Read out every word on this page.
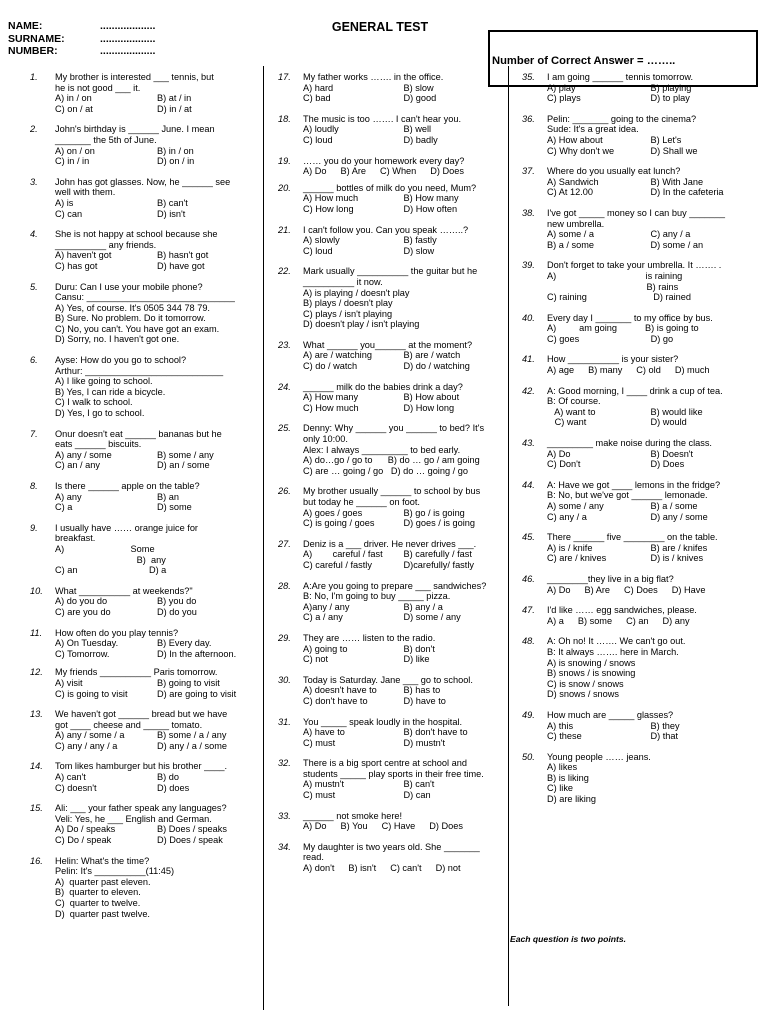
NAME:	...................
SURNAME:	...................
NUMBER:	...................
GENERAL TEST
Number of Correct Answer = ……..
1.	My brother is interested ___ tennis, but
he is not good ___ it.
A) in / on	B) at / in
C) on / at	D) in / at
2.	John's birthday is ______ June. I mean
_______ the 5th of June.
A) on / on	B) in / on
C) in / in	D) on / in
3.	John has got glasses. Now, he ______ see
well with them.
A) is	B) can't
C) can	D) isn't
4.	She is not happy at school because she
__________ any friends.
A) haven't got	B) hasn't got
C) has got	D) have got
5.	Duru: Can I use your mobile phone?
Cansu: _____________________________
A) Yes, of course. It's 0505 344 78 79.
B) Sure. No problem. Do it tomorrow.
C) No, you can't. You have got an exam.
D) Sorry, no. I haven't got one.
6.	Ayse: How do you go to school?
Arthur: ___________________________
A) I like going to school.
B) Yes, I can ride a bicycle.
C) I walk to school.
D) Yes, I go to school.
7.	Onur doesn't eat ______ bananas but he
eats ______ biscuits.
A) any / some	B) some / any
C) an / any	D) an / some
8.	Is there ______ apple on the table?
A) any	B) an
C) a	D) some
9.	I usually have …… orange juice for
breakfast.
A)                          Some
B)  any
C) an                            D) a
10.	What __________ at weekends?"
A) do you do	B) you do
C) are you do	D) do you
11.	How often do you play tennis?
A) On Tuesday.	B) Every day.
C) Tomorrow.	D) In the afternoon.
12.	My friends __________ Paris tomorrow.
A) visit	B) going to visit
C) is going to visit	D) are going to visit
13.	We haven't got ______ bread but we have
got ____ cheese and _____ tomato.
A) any / some / a	B) some / a / any
C) any / any / a	D) any / a / some
14.	Tom likes hamburger but his brother ____.
A) can't	B) do
C) doesn't	D) does
15.	Ali: ___ your father speak any languages?
Veli: Yes, he ___ English and German.
A) Do / speaks	B) Does / speaks
C) Do / speak	D) Does / speak
16.	Helin: What's the time?
Pelin: It's __________(11:45)

A)  quarter past eleven.
B)  quarter to eleven.
C)  quarter to twelve.
D)  quarter past twelve.
17.	My father works ……. in the office.
A) hard	B) slow
C) bad	D) good
18.	The music is too ……. I can't hear you.
A) loudly	B) well
C) loud	D) badly
19.	…… you do your homework every day?
A) Do B) Are C) When D) Does
20.	______ bottles of milk do you need, Mum?
A) How much	B) How many
C) How long	D) How often
21.	I can't follow you. Can you speak ……..?
A) slowly	B) fastly
C) loud	D) slow
22.	Mark usually __________ the guitar but he
__________ it now.
A) is playing / doesn't play
B) plays / doesn't play
C) plays / isn't playing
D) doesn't play / isn't playing
23.	What ______ you______ at the moment?
A) are / watching	B) are / watch
C) do / watch	D) do / watching
24.	______ milk do the babies drink a day?
A) How many	B) How about
C) How much	D) How long
25.	Denny: Why ______ you ______ to bed? It's
only 10:00.
Alex: I always _________ to bed early.
A) do…go / go to      B) do … go / am going
C) are … going / go   D) do … going / go
26.	My brother usually ______ to school by bus
but today he ______ on foot.
A) goes / goes	B) go / is going
C) is going / goes	D) goes / is going
27.	Deniz is a ___ driver. He never drives ___.
A)        careful / fast	B) carefully / fast
C) careful / fastly	D)carefully/ fastly
28.	A:Are you going to prepare ___ sandwiches?
B: No, I'm going to buy _____ pizza.
A)any / any	B) any / a
C) a / any	D) some / any
29.	They are …… listen to the radio.
A) going to	B) don't
C) not	D) like
30.	Today is Saturday. Jane ___ go to school.
A) doesn't have to	B) has to
C) don't have to	D) have to
31.	You _____ speak loudly in the hospital.
A) have to	B) don't have to
C) must	D) mustn't
32.	There is a big sport centre at school and
students _____ play sports in their free time.
A) mustn't	B) can't
C) must	D) can
33.	______ not smoke here!
A) Do B) You C) Have D) Does
34.	My daughter is two years old. She _______
read.
A) don't B) isn't C) can't D) not
35.	I am going ______ tennis tomorrow.
A) play	B) playing
C) plays	D) to play
36.	Pelin: _______ going to the cinema?
Sude: It's a great idea.
A) How about	B) Let's
C) Why don't we	D) Shall we
37.	Where do you usually eat lunch?
A) Sandwich	B) With Jane
C) At 12.00	D) In the cafeteria
38.	I've got _____ money so I can buy _______
new umbrella.
A) some / a	C) any / a
B) a / some	D) some / an
39.	Don't forget to take your umbrella. It ……. .
A)                                   is raining
B) rains
C) raining                          D) rained
40.	Every day I _______ to my office by bus.
A)         am going           B) is going to
C) goes                            D) go
41.	How __________ is your sister?
A) age B) many C) old D) much
42.	A: Good morning, I ____ drink a cup of tea.
B: Of course.
A) want to	B) would like
C) want	D) would
43.	_________ make noise during the class.
A) Do	B) Doesn't
C) Don't	D) Does
44.	A: Have we got ____ lemons in the fridge?
B: No, but we've got ______ lemonade.
A) some / any	B) a / some
C) any / a	D) any / some
45.	There ______ five ________ on the table.
A) is / knife	B) are / knifes
C) are / knives	D) is / knives
46.	________they live in a big flat?
A) Do B) Are C) Does D) Have
47.	I'd like …… egg sandwiches, please.
A) a B) some C) an D) any
48.	A: Oh no! It ……. We can't go out.
B: It always ……. here in March.
A) is snowing / snows
B) snows / is snowing
C) is snow / snows
D) snows / snows
49.	How much are _____ glasses?
A) this	B) they
C) these	D) that
50.	Young people …… jeans.
A) likes
B) is liking
C) like
D) are liking
Each question is two points.
